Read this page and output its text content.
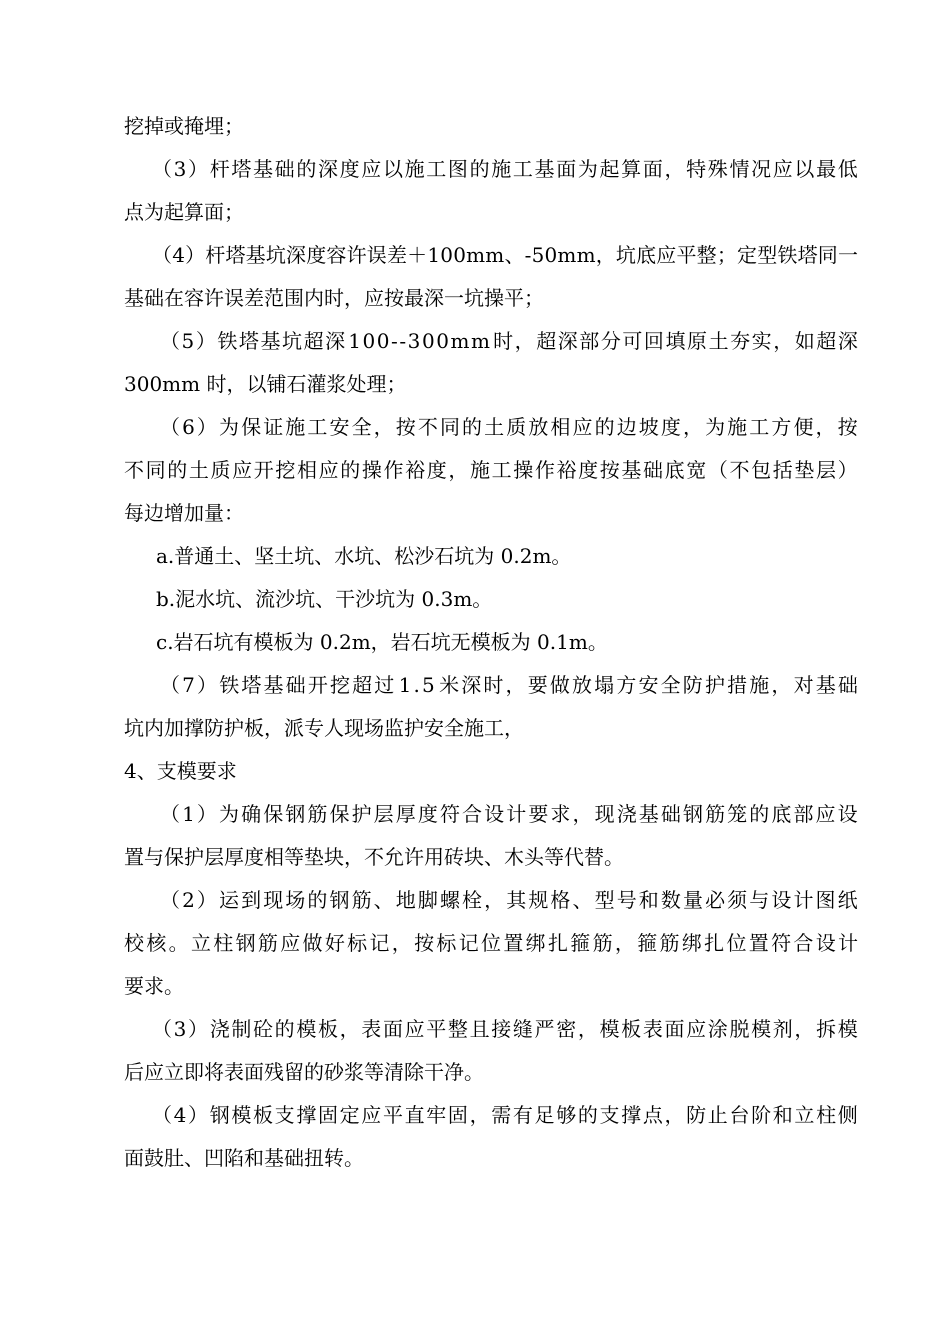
挖掉或掩埋；
（ 3 ） 杆 塔 基 础 的 深 度 应 以 施 工 图 的 施 工 基 面 为 起 算 面 ， 特 殊 情 况 应 以 最 低
点为起算面；
（ 4 ） 杆 塔 基 坑 深 度 容 许 误 差 ＋ 1 0 0 m m 、 - 5 0 m m ， 坑 底 应 平 整 ； 定 型 铁 塔 同 一
基础在容许误差范围内时，应按最深一坑操平；
（ 5 ） 铁 塔 基 坑 超 深 1 0 0 - - 3 0 0 m m 时 ， 超 深 部 分 可 回 填 原 土 夯 实 ， 如 超 深
300mm 时，以铺石灌浆处理；
（ 6 ） 为 保 证 施 工 安 全 ， 按 不 同 的 土 质 放 相 应 的 边 坡 度 ， 为 施 工 方 便 ， 按
不 同 的 土 质 应 开 挖 相 应 的 操 作 裕 度 ， 施 工 操 作 裕 度 按 基 础 底 宽 （ 不 包 括 垫 层 ）
每边增加量：
a.普通土、坚土坑、水坑、松沙石坑为 0.2m。
b.泥水坑、流沙坑、干沙坑为 0.3m。
c.岩石坑有模板为 0.2m，岩石坑无模板为 0.1m。
（ 7 ） 铁 塔 基 础 开 挖 超 过 1 . 5 米 深 时 ， 要 做 放 塌 方 安 全 防 护 措 施 ， 对 基 础
坑内加撑防护板，派专人现场监护安全施工，
4、支模要求
（ 1 ） 为 确 保 钢 筋 保 护 层 厚 度 符 合 设 计 要 求 ， 现 浇 基 础 钢 筋 笼 的 底 部 应 设
置与保护层厚度相等垫块，不允许用砖块、木头等代替。
（ 2 ） 运 到 现 场 的 钢 筋 、 地 脚 螺 栓 ， 其 规 格 、 型 号 和 数 量 必 须 与 设 计 图 纸
校 核 。 立 柱 钢 筋 应 做 好 标 记 ， 按 标 记 位 置 绑 扎 箍 筋 ， 箍 筋 绑 扎 位 置 符 合 设 计
要求。
（ 3 ） 浇 制 砼 的 模 板 ， 表 面 应 平 整 且 接 缝 严 密 ， 模 板 表 面 应 涂 脱 模 剂 ， 拆 模
后应立即将表面残留的砂浆等清除干净。
（ 4 ） 钢 模 板 支 撑 固 定 应 平 直 牢 固 ， 需 有 足 够 的 支 撑 点 ， 防 止 台 阶 和 立 柱 侧
面鼓肚、凹陷和基础扭转。
